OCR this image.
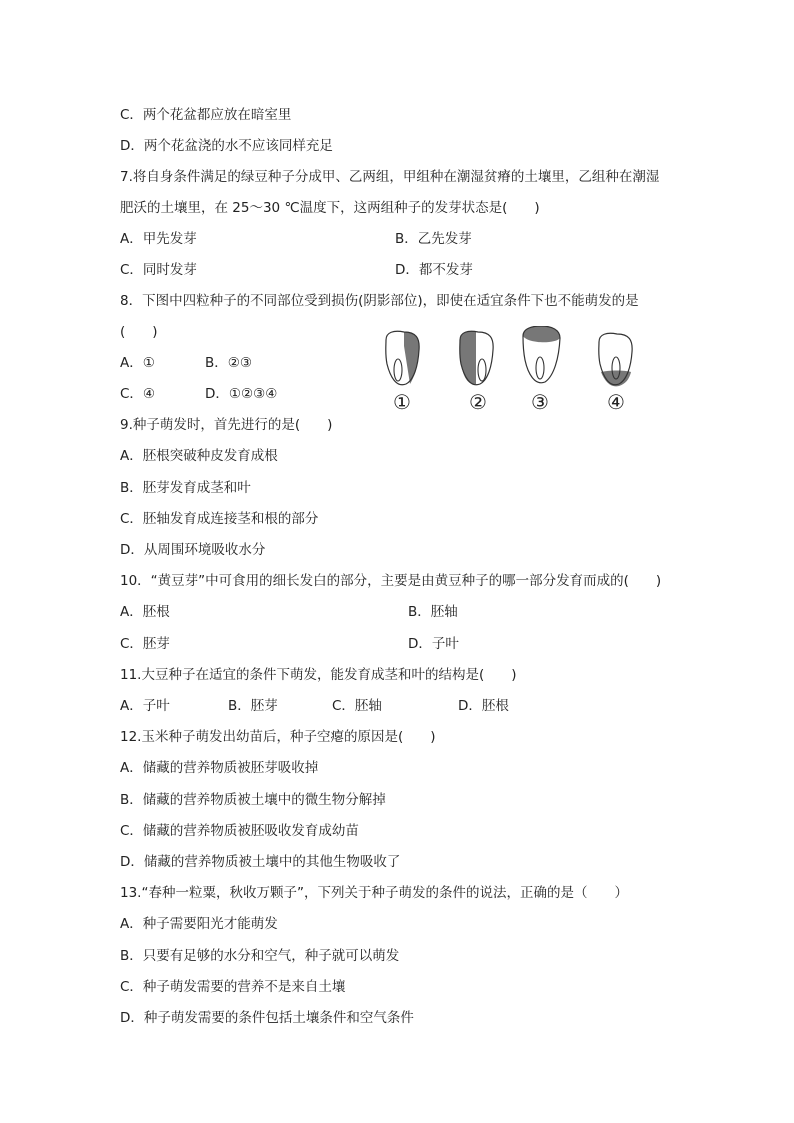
C．两个花盆都应放在暗室里
D．两个花盆浇的水不应该同样充足
7.将自身条件满足的绿豆种子分成甲、乙两组，甲组种在潮湿贫瘠的土壤里，乙组种在潮湿
肥沃的土壤里，在 25～30 ℃温度下，这两组种子的发芽状态是(　　)
A．甲先发芽	B．乙先发芽
C．同时发芽	D．都不发芽
8．下图中四粒种子的不同部位受到损伤(阴影部位)，即使在适宜条件下也不能萌发的是
(　　)
A．①	B．②③
C．④	D．①②③④	①	② ③	④
9.种子萌发时，首先进行的是(　　)
A．胚根突破种皮发育成根
B．胚芽发育成茎和叶
C．胚轴发育成连接茎和根的部分
D．从周围环境吸收水分
10．“黄豆芽”中可食用的细长发白的部分，主要是由黄豆种子的哪一部分发育而成的(　　)
A．胚根	B．胚轴
C．胚芽	D．子叶
11.大豆种子在适宜的条件下萌发，能发育成茎和叶的结构是(　　)
A．子叶	B．胚芽	C．胚轴	D．胚根
12.玉米种子萌发出幼苗后，种子空瘪的原因是(　　)
A．储藏的营养物质被胚芽吸收掉
B．储藏的营养物质被土壤中的微生物分解掉
C．储藏的营养物质被胚吸收发育成幼苗
D．储藏的营养物质被土壤中的其他生物吸收了
13.“春种一粒粟，秋收万颗子”，下列关于种子萌发的条件的说法，正确的是（　　）
A．种子需要阳光才能萌发
B．只要有足够的水分和空气，种子就可以萌发
C．种子萌发需要的营养不是来自土壤
D．种子萌发需要的条件包括土壤条件和空气条件
